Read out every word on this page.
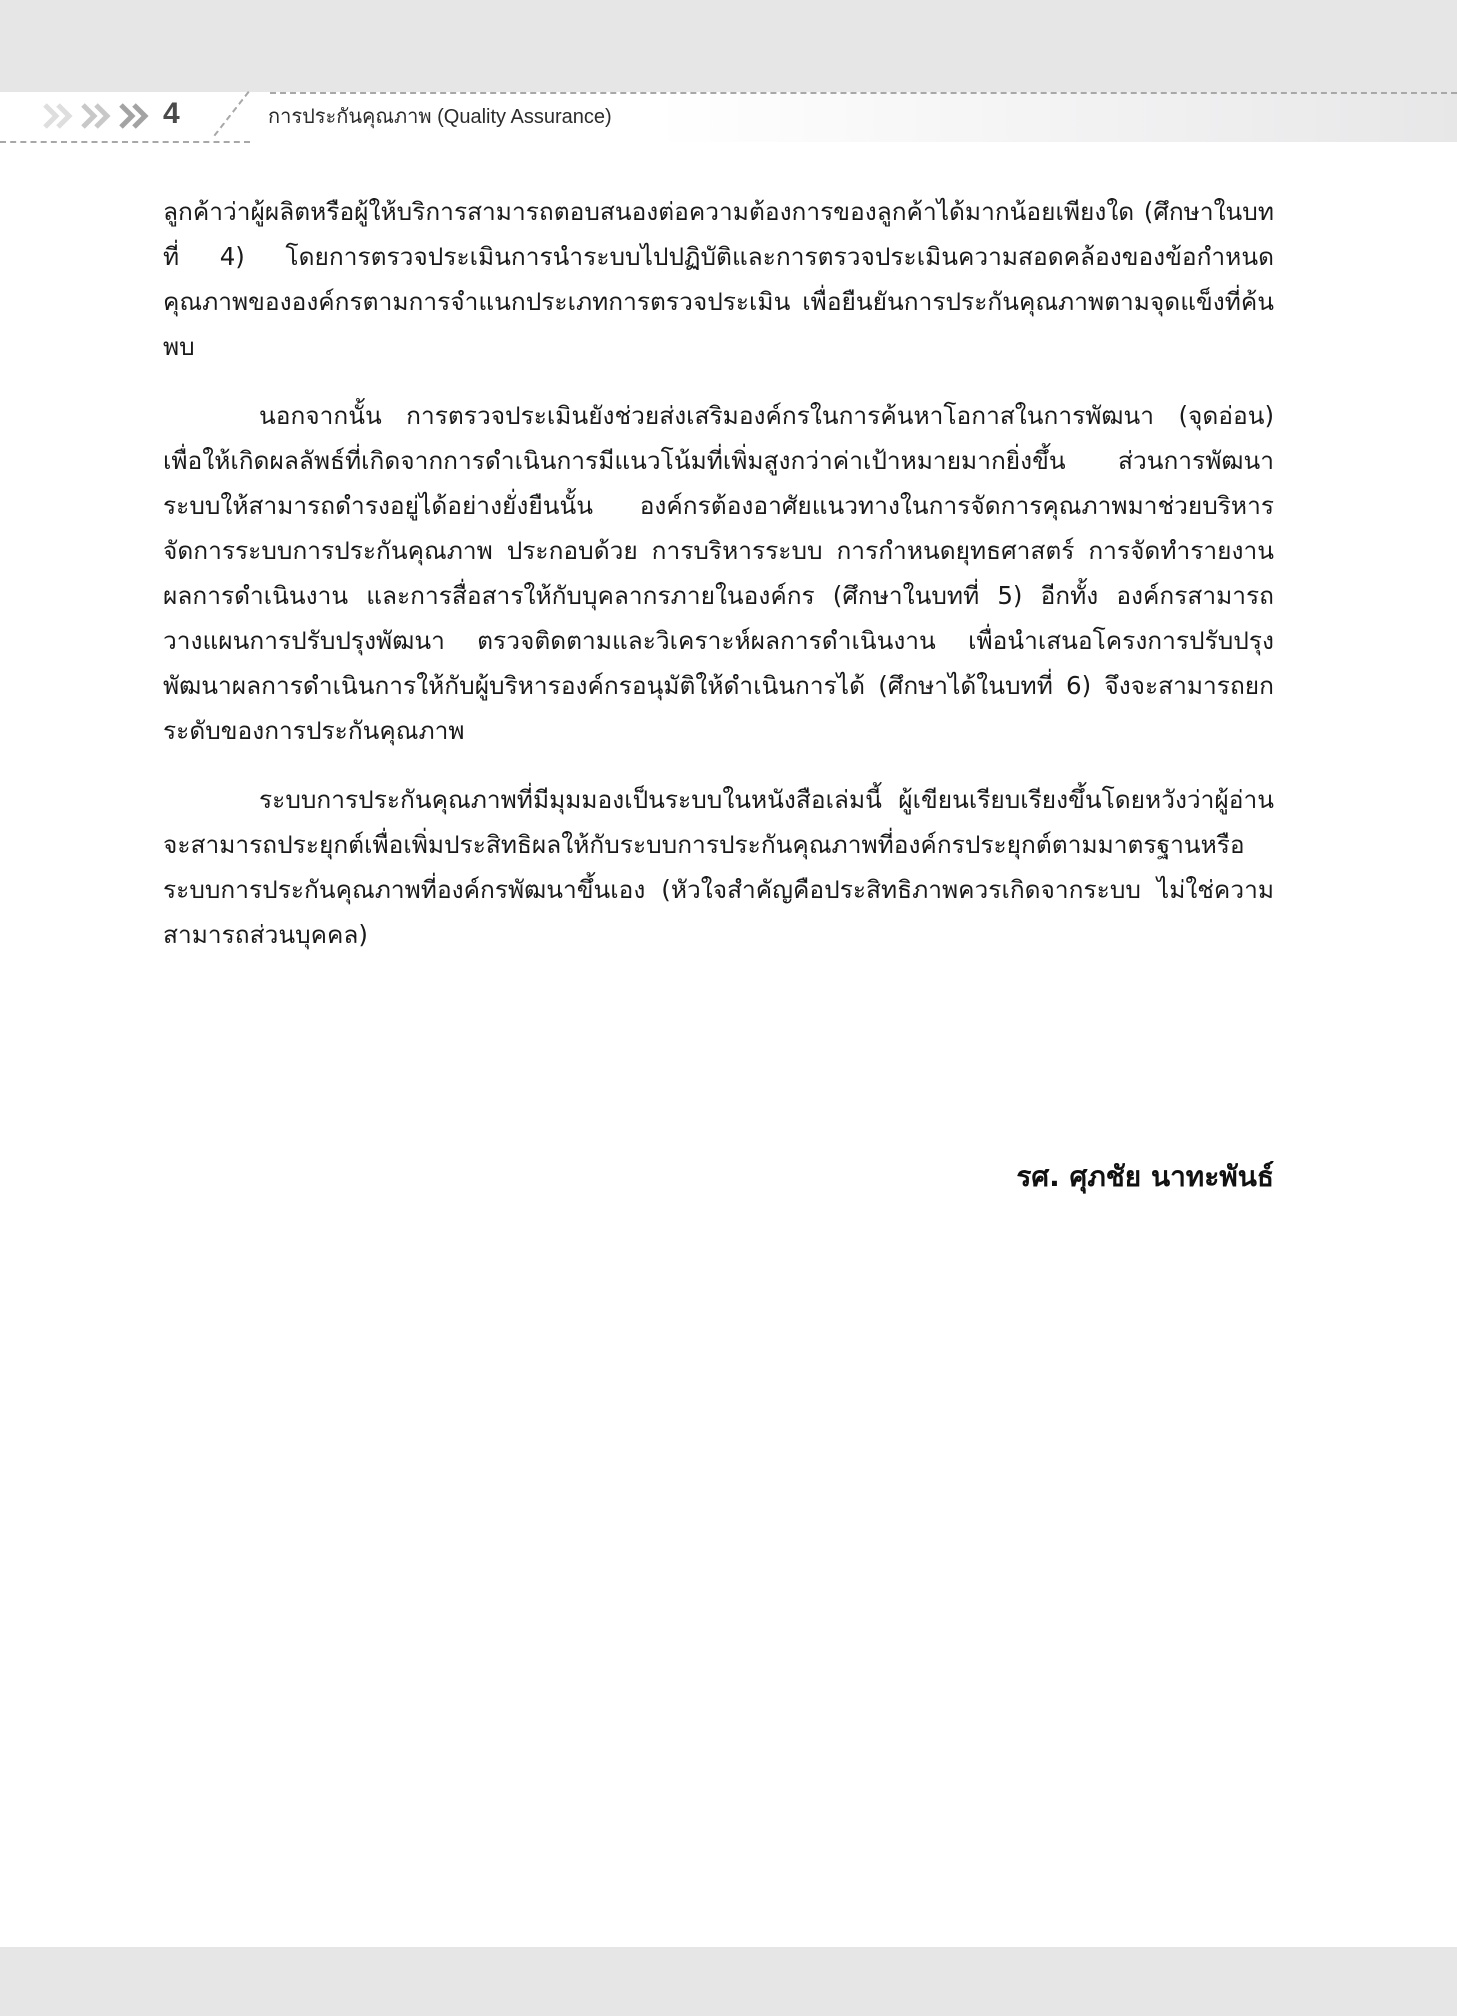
4	การประกันคุณภาพ (Quality Assurance)

ลูกค้าว่าผู้ผลิตหรือผู้ให้บริการสามารถตอบสนองต่อความต้องการของลูกค้าได้มากน้อยเพียงใด (ศึกษาในบทที่ 4) โดยการตรวจประเมินการนำระบบไปปฏิบัติและการตรวจประเมินความสอดคล้องของข้อกำหนดคุณภาพขององค์กรตามการจำแนกประเภทการตรวจประเมิน เพื่อยืนยันการประกันคุณภาพตามจุดแข็งที่ค้นพบ

นอกจากนั้น การตรวจประเมินยังช่วยส่งเสริมองค์กรในการค้นหาโอกาสในการพัฒนา (จุดอ่อน) เพื่อให้เกิดผลลัพธ์ที่เกิดจากการดำเนินการมีแนวโน้มที่เพิ่มสูงกว่าค่าเป้าหมายมากยิ่งขึ้น ส่วนการพัฒนาระบบให้สามารถดำรงอยู่ได้อย่างยั่งยืนนั้น องค์กรต้องอาศัยแนวทางในการจัดการคุณภาพมาช่วยบริหารจัดการระบบการประกันคุณภาพ ประกอบด้วย การบริหารระบบ การกำหนดยุทธศาสตร์ การจัดทำรายงานผลการดำเนินงาน และการสื่อสารให้กับบุคลากรภายในองค์กร (ศึกษาในบทที่ 5) อีกทั้ง องค์กรสามารถวางแผนการปรับปรุงพัฒนา ตรวจติดตามและวิเคราะห์ผลการดำเนินงาน เพื่อนำเสนอโครงการปรับปรุงพัฒนาผลการดำเนินการให้กับผู้บริหารองค์กรอนุมัติให้ดำเนินการได้ (ศึกษาได้ในบทที่ 6) จึงจะสามารถยกระดับของการประกันคุณภาพ

ระบบการประกันคุณภาพที่มีมุมมองเป็นระบบในหนังสือเล่มนี้ ผู้เขียนเรียบเรียงขึ้นโดยหวังว่าผู้อ่านจะสามารถประยุกต์เพื่อเพิ่มประสิทธิผลให้กับระบบการประกันคุณภาพที่องค์กรประยุกต์ตามมาตรฐานหรือระบบการประกันคุณภาพที่องค์กรพัฒนาขึ้นเอง (หัวใจสำคัญคือประสิทธิภาพควรเกิดจากระบบ ไม่ใช่ความสามารถส่วนบุคคล)

รศ. ศุภชัย นาทะพันธ์
